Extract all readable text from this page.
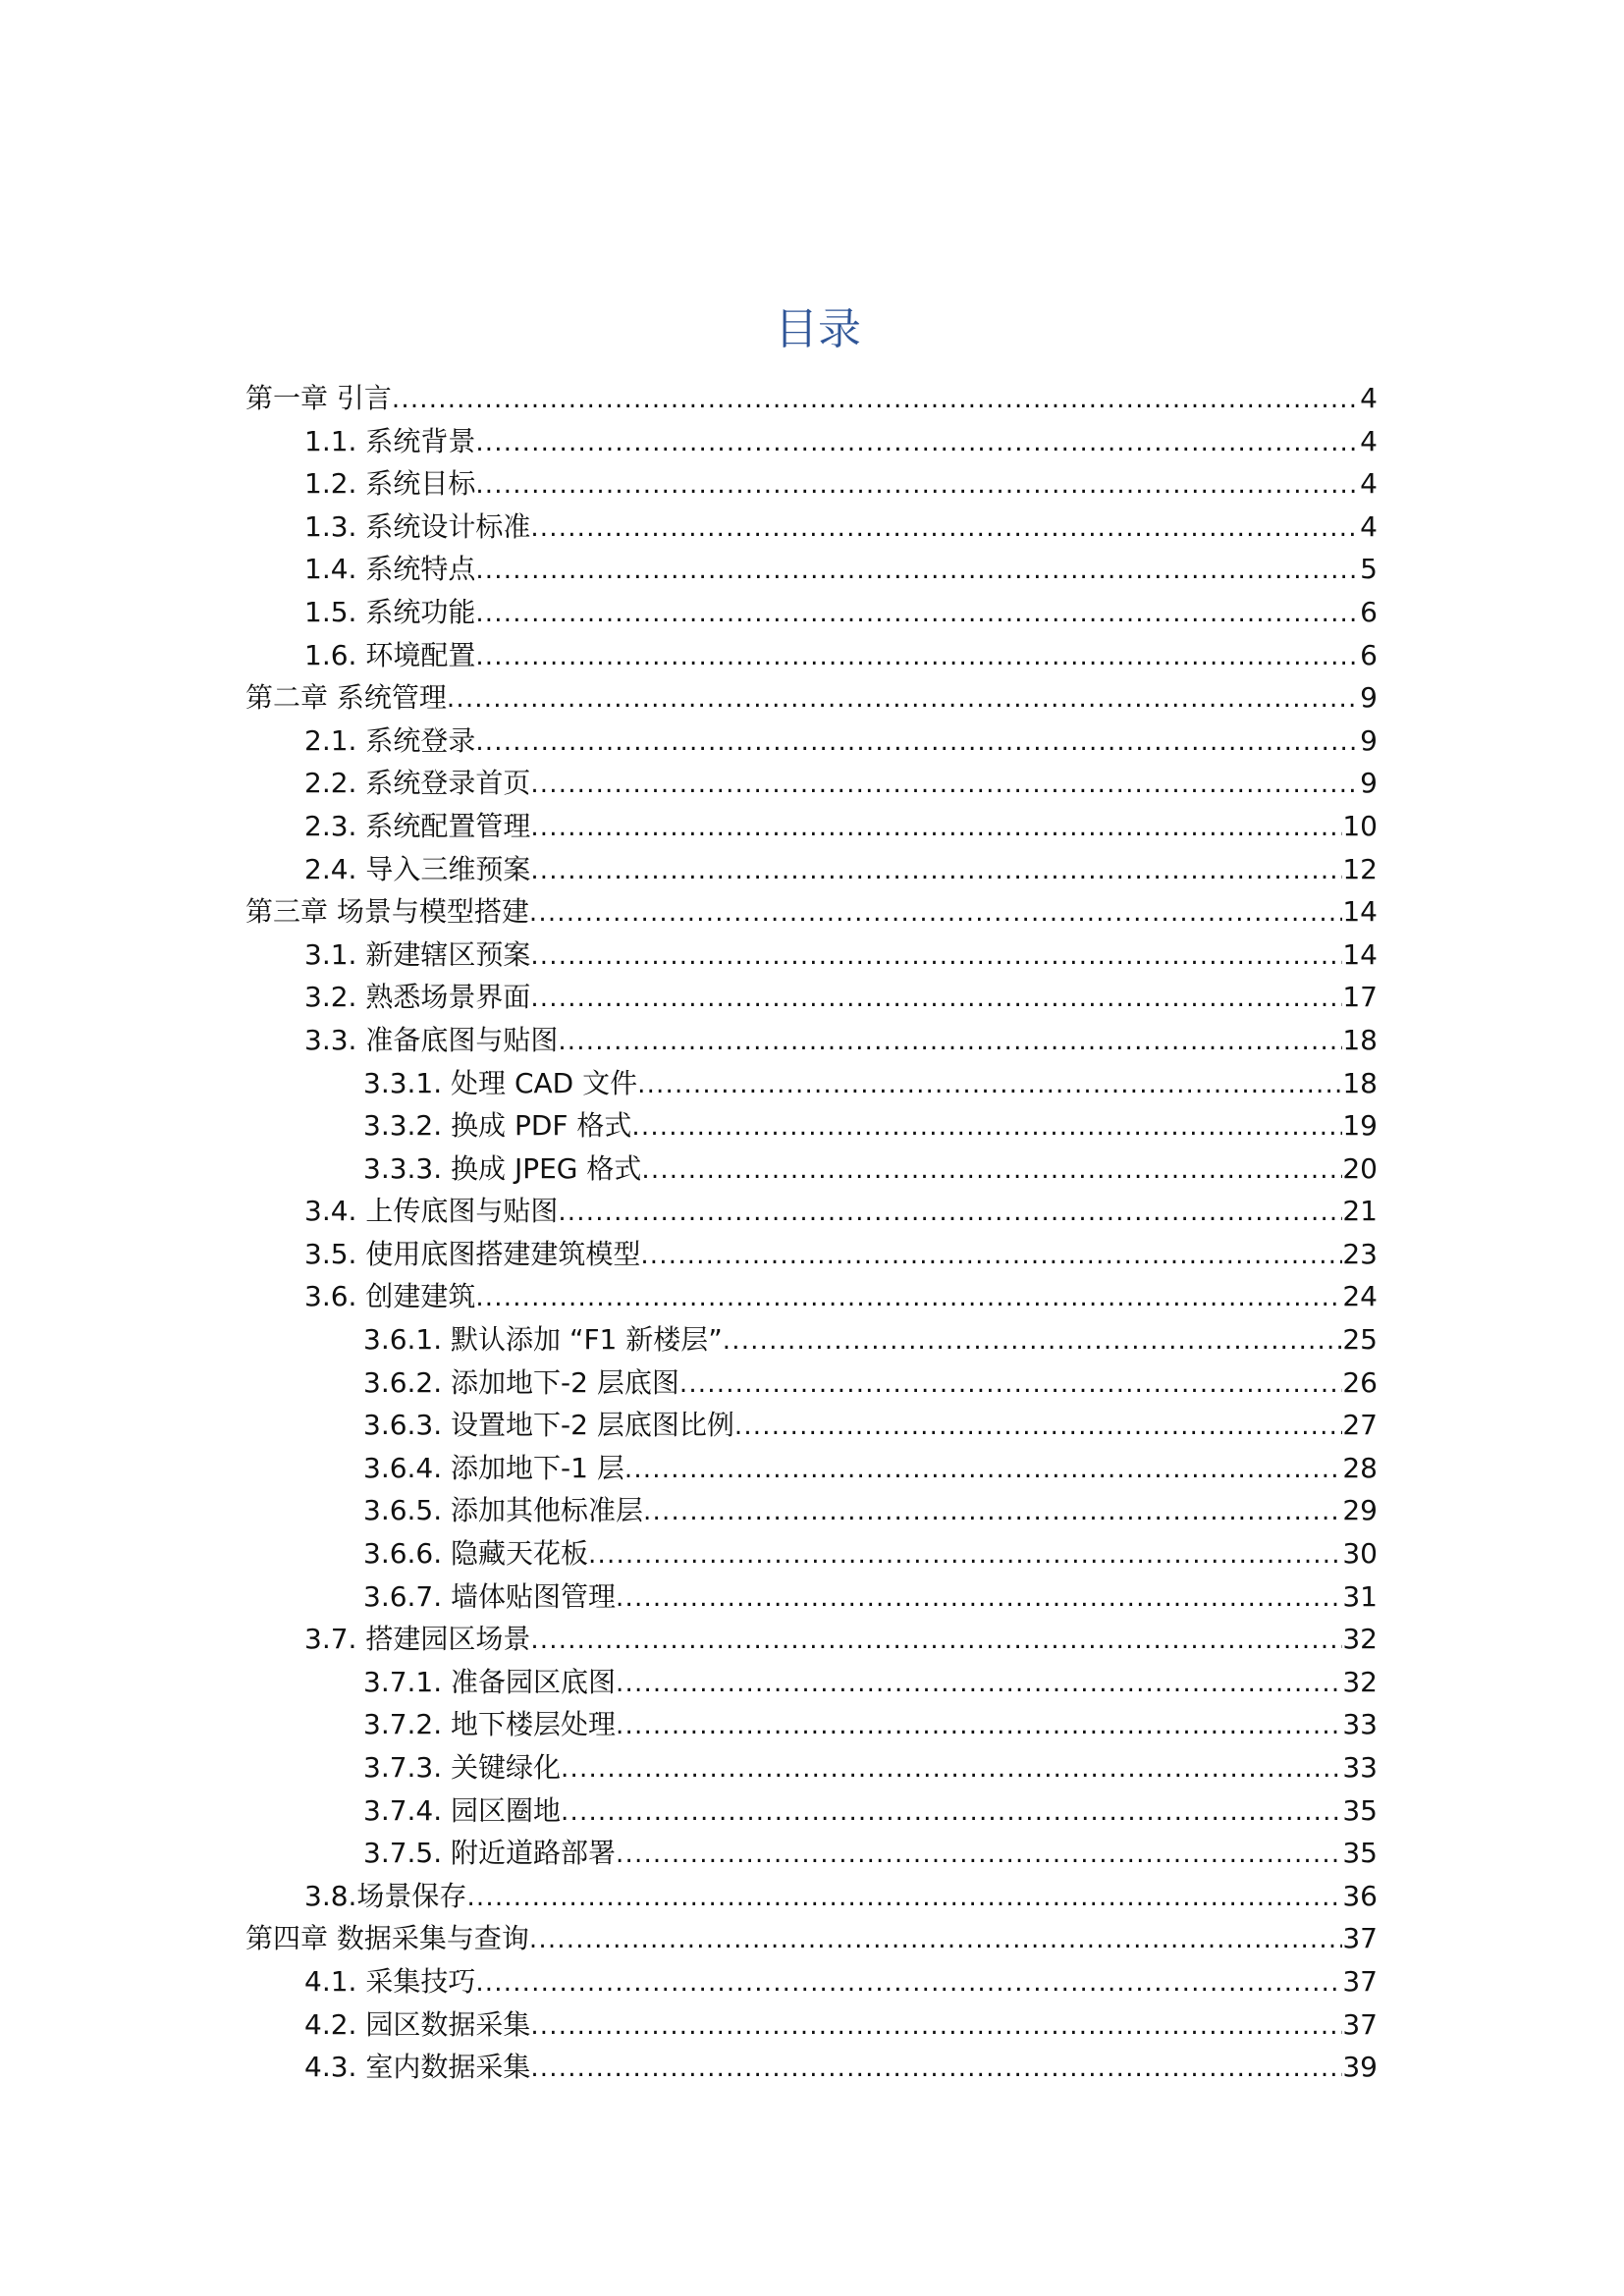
目录
第一章 引言 .....	4
1.1. 系统背景 .....	4
1.2. 系统目标 .....	4
1.3. 系统设计标准 .....	4
1.4. 系统特点 .....	5
1.5. 系统功能 .....	6
1.6. 环境配置 .....	6
第二章 系统管理 .....	9
2.1. 系统登录 .....	9
2.2. 系统登录首页 .....	9
2.3. 系统配置管理 .....	10
2.4. 导入三维预案 .....	12
第三章 场景与模型搭建 .....	14
3.1. 新建辖区预案 .....	14
3.2. 熟悉场景界面 .....	17
3.3. 准备底图与贴图 .....	18
3.3.1. 处理 CAD 文件 .....	18
3.3.2. 换成 PDF 格式 .....	19
3.3.3. 换成 JPEG 格式 .....	20
3.4. 上传底图与贴图 .....	21
3.5. 使用底图搭建建筑模型 .....	23
3.6. 创建建筑 .....	24
3.6.1. 默认添加 “F1 新楼层” .....	25
3.6.2. 添加地下-2 层底图 .....	26
3.6.3. 设置地下-2 层底图比例 .....	27
3.6.4. 添加地下-1 层 .....	28
3.6.5. 添加其他标准层 .....	29
3.6.6. 隐藏天花板 .....	30
3.6.7. 墙体贴图管理 .....	31
3.7. 搭建园区场景 .....	32
3.7.1. 准备园区底图 .....	32
3.7.2. 地下楼层处理 .....	33
3.7.3. 关键绿化 .....	33
3.7.4. 园区圈地 .....	35
3.7.5. 附近道路部署 .....	35
3.8.场景保存 .....	36
第四章 数据采集与查询 .....	37
4.1. 采集技巧 .....	37
4.2. 园区数据采集 .....	37
4.3. 室内数据采集 .....	39
